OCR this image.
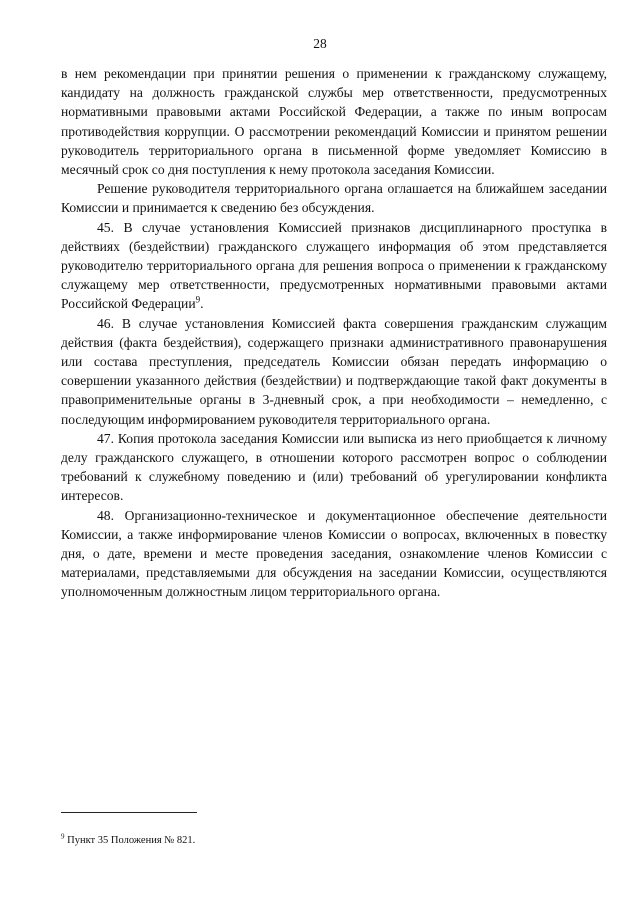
28

в нем рекомендации при принятии решения о применении к гражданскому служащему, кандидату на должность гражданской службы мер ответственности, предусмотренных нормативными правовыми актами Российской Федерации, а также по иным вопросам противодействия коррупции. О рассмотрении рекомендаций Комиссии и принятом решении руководитель территориального органа в письменной форме уведомляет Комиссию в месячный срок со дня поступления к нему протокола заседания Комиссии.

Решение руководителя территориального органа оглашается на ближайшем заседании Комиссии и принимается к сведению без обсуждения.

45. В случае установления Комиссией признаков дисциплинарного проступка в действиях (бездействии) гражданского служащего информация об этом представляется руководителю территориального органа для решения вопроса о применении к гражданскому служащему мер ответственности, предусмотренных нормативными правовыми актами Российской Федерации$^9$.

46. В случае установления Комиссией факта совершения гражданским служащим действия (факта бездействия), содержащего признаки административного правонарушения или состава преступления, председатель Комиссии обязан передать информацию о совершении указанного действия (бездействии) и подтверждающие такой факт документы в правоприменительные органы в 3-дневный срок, а при необходимости – немедленно, с последующим информированием руководителя территориального органа.

47. Копия протокола заседания Комиссии или выписка из него приобщается к личному делу гражданского служащего, в отношении которого рассмотрен вопрос о соблюдении требований к служебному поведению и (или) требований об урегулировании конфликта интересов.

48. Организационно-техническое и документационное обеспечение деятельности Комиссии, а также информирование членов Комиссии о вопросах, включенных в повестку дня, о дате, времени и месте проведения заседания, ознакомление членов Комиссии с материалами, представляемыми для обсуждения на заседании Комиссии, осуществляются уполномоченным должностным лицом территориального органа.

$^9$ Пункт 35 Положения № 821.
